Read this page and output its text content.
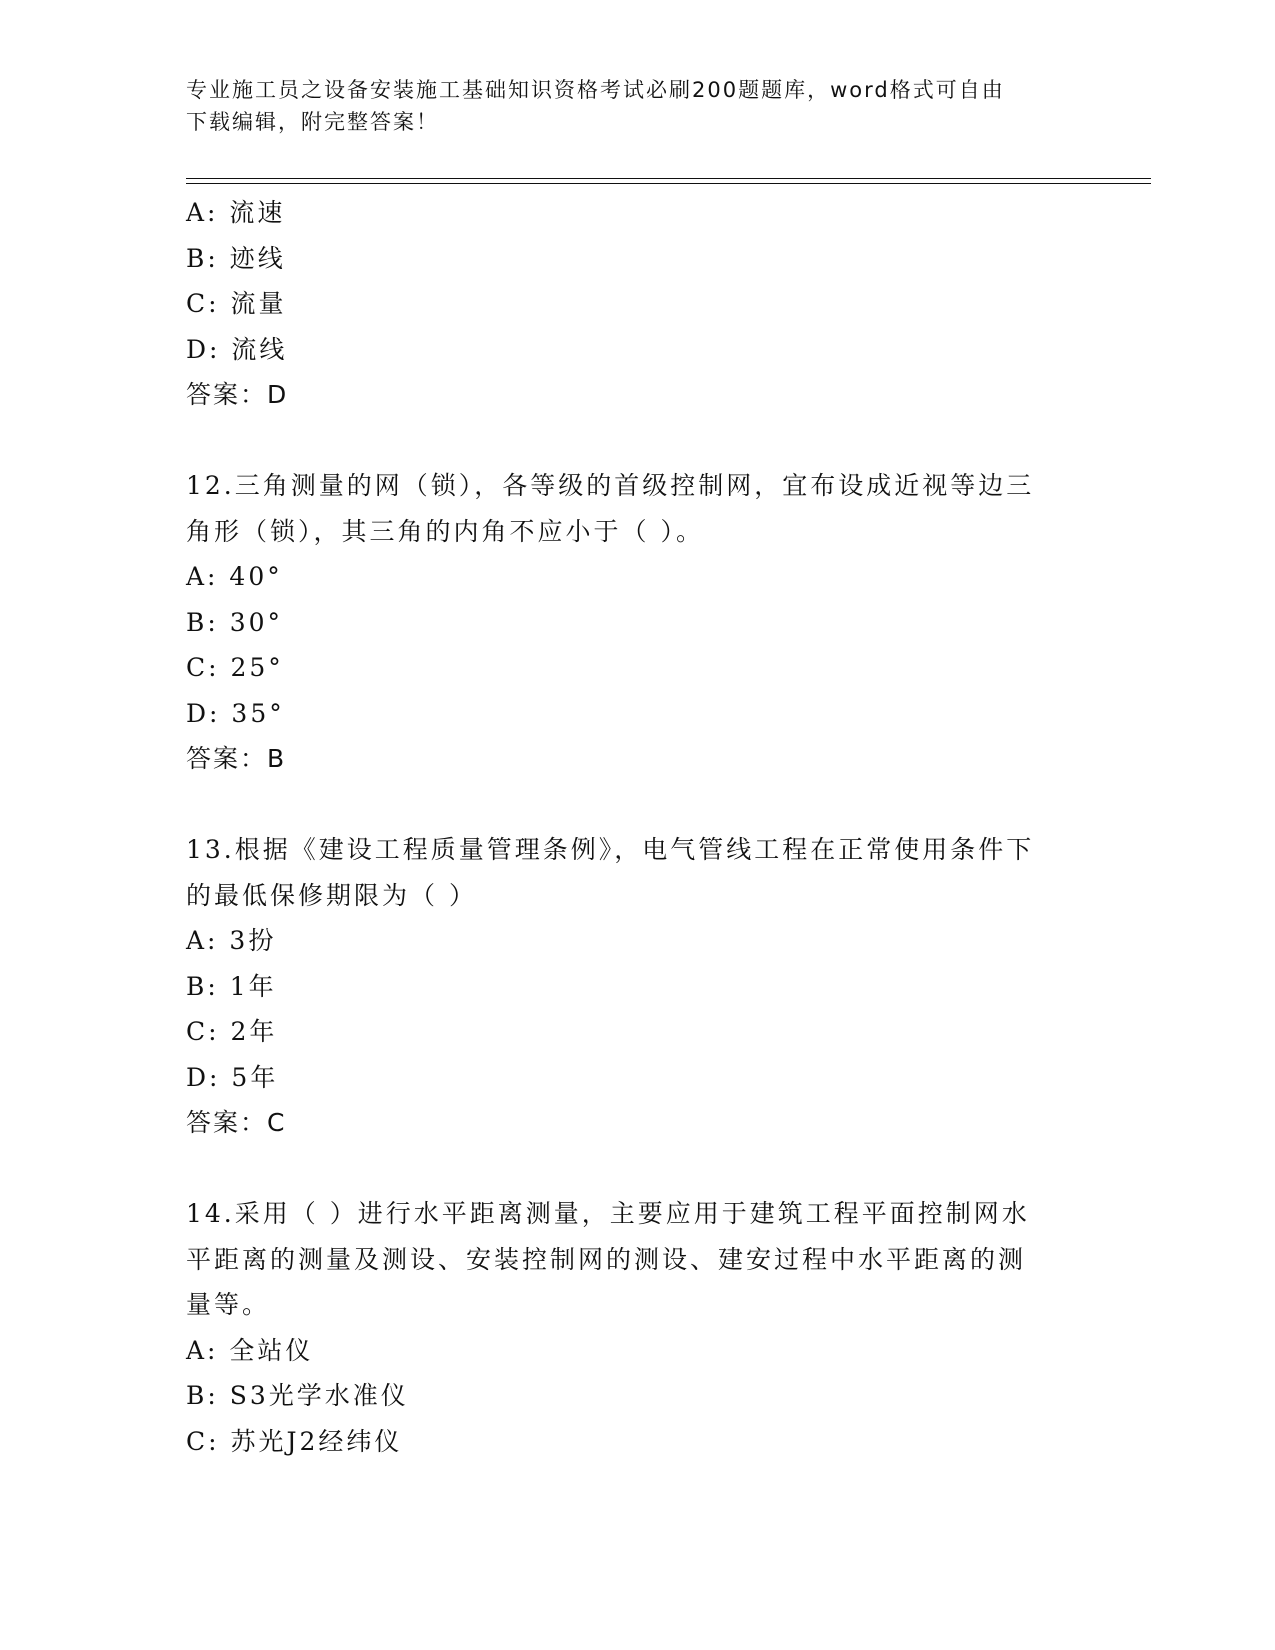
专业施工员之设备安装施工基础知识资格考试必刷200题题库，word格式可自由
下载编辑，附完整答案！
A: 流速
B: 迹线
C: 流量
D: 流线
答案：D
12.三角测量的网（锁），各等级的首级控制网，宜布设成近视等边三
角形（锁），其三角的内角不应小于（ ）。
A: 40°
B: 30°
C: 25°
D: 35°
答案：B
13.根据《建设工程质量管理条例》，电气管线工程在正常使用条件下
的最低保修期限为（ ）
A: 3扮
B: 1年
C: 2年
D: 5年
答案：C
14.采用（ ）进行水平距离测量，主要应用于建筑工程平面控制网水
平距离的测量及测设、安装控制网的测设、建安过程中水平距离的测
量等。
A: 全站仪
B: S3光学水准仪
C: 苏光J2经纬仪
